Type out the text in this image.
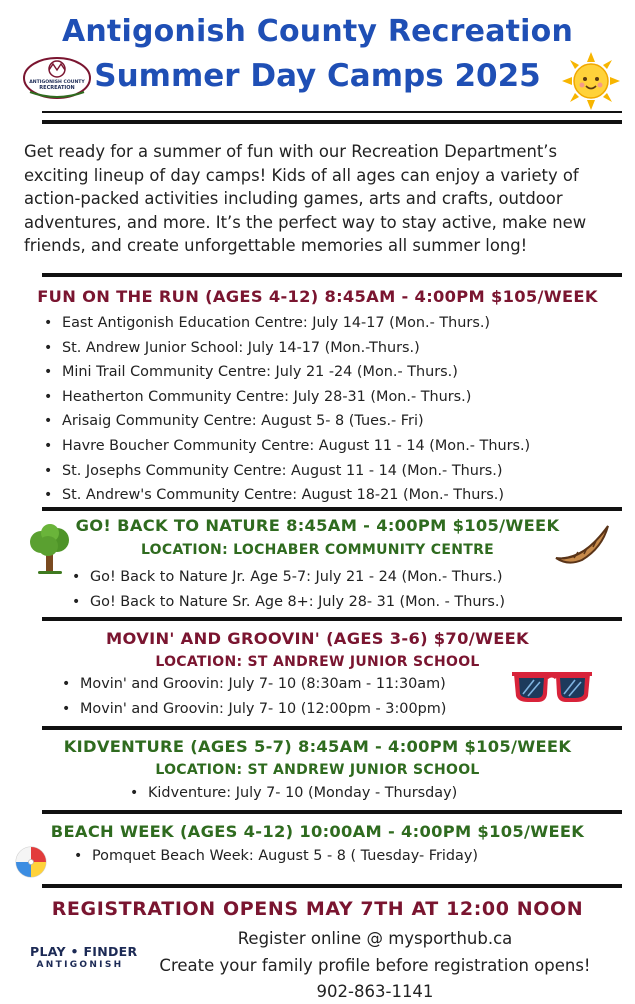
Antigonish County Recreation
Summer Day Camps 2025
ANTIGONISH COUNTY
RECREATION
Get ready for a summer of fun with our Recreation Department’s exciting lineup of day camps! Kids of all ages can enjoy a variety of action-packed activities including games, arts and crafts, outdoor adventures, and more. It’s the perfect way to stay active, make new friends, and create unforgettable memories all summer long!
FUN ON THE RUN (AGES 4-12) 8:45AM - 4:00PM $105/WEEK
• East Antigonish Education Centre: July 14-17 (Mon.- Thurs.)
• St. Andrew Junior School: July 14-17 (Mon.-Thurs.)
• Mini Trail Community Centre: July 21 -24 (Mon.- Thurs.)
• Heatherton Community Centre: July 28-31 (Mon.- Thurs.)
• Arisaig Community Centre: August 5- 8 (Tues.- Fri)
• Havre Boucher Community Centre: August 11 - 14 (Mon.- Thurs.)
• St. Josephs Community Centre: August 11 - 14 (Mon.- Thurs.)
• St. Andrew's Community Centre: August 18-21 (Mon.- Thurs.)
GO! BACK TO NATURE 8:45AM - 4:00PM $105/WEEK
LOCATION: LOCHABER COMMUNITY CENTRE
• Go! Back to Nature Jr. Age 5-7: July 21 - 24 (Mon.- Thurs.)
• Go! Back to Nature Sr. Age 8+: July 28- 31 (Mon. - Thurs.)
MOVIN' AND GROOVIN' (AGES 3-6) $70/WEEK
LOCATION: ST ANDREW JUNIOR SCHOOL
• Movin' and Groovin: July 7- 10 (8:30am - 11:30am)
• Movin' and Groovin: July 7- 10 (12:00pm - 3:00pm)
KIDVENTURE (AGES 5-7) 8:45AM - 4:00PM $105/WEEK
LOCATION: ST ANDREW JUNIOR SCHOOL
• Kidventure: July 7- 10 (Monday - Thursday)
BEACH WEEK (AGES 4-12) 10:00AM - 4:00PM $105/WEEK
• Pomquet Beach Week: August 5 - 8 ( Tuesday- Friday)
REGISTRATION OPENS MAY 7TH AT 12:00 NOON
Register online @ mysporthub.ca
Create your family profile before registration opens!
902-863-1141
PLAY • FINDER
ANTIGONISH
